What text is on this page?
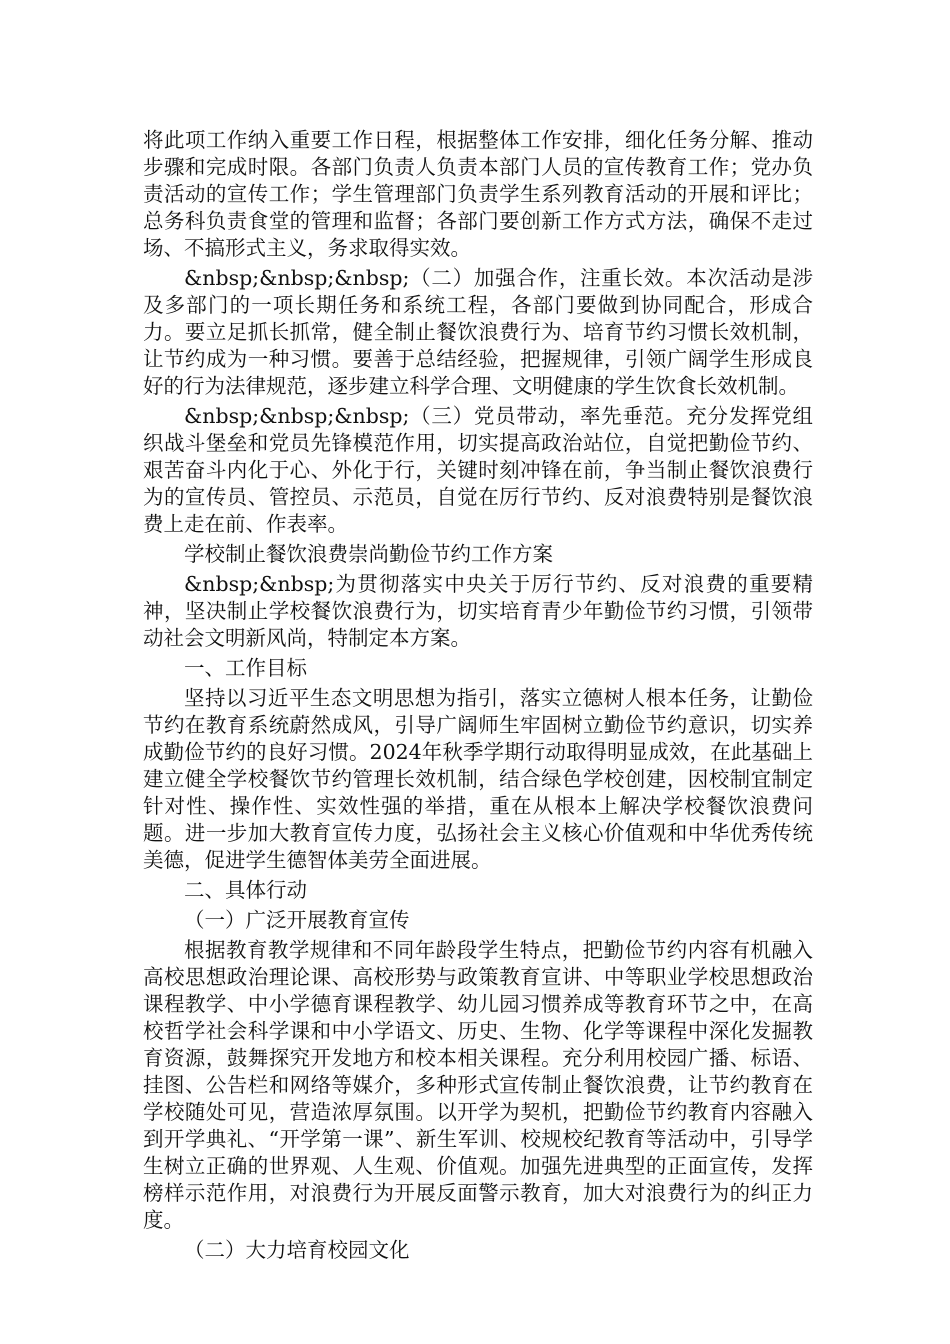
将此项工作纳入重要工作日程，根据整体工作安排，细化任务分解、推动步骤和完成时限。各部门负责人负责本部门人员的宣传教育工作；党办负责活动的宣传工作；学生管理部门负责学生系列教育活动的开展和评比；总务科负责食堂的管理和监督；各部门要创新工作方式方法，确保不走过场、不搞形式主义，务求取得实效。

&nbsp;&nbsp;&nbsp;（二）加强合作，注重长效。本次活动是涉及多部门的一项长期任务和系统工程，各部门要做到协同配合，形成合力。要立足抓长抓常，健全制止餐饮浪费行为、培育节约习惯长效机制，让节约成为一种习惯。要善于总结经验，把握规律，引领广阔学生形成良好的行为法律规范，逐步建立科学合理、文明健康的学生饮食长效机制。

&nbsp;&nbsp;&nbsp;（三）党员带动，率先垂范。充分发挥党组织战斗堡垒和党员先锋模范作用，切实提高政治站位，自觉把勤俭节约、艰苦奋斗内化于心、外化于行，关键时刻冲锋在前，争当制止餐饮浪费行为的宣传员、管控员、示范员，自觉在厉行节约、反对浪费特别是餐饮浪费上走在前、作表率。

学校制止餐饮浪费崇尚勤俭节约工作方案

&nbsp;&nbsp;为贯彻落实中央关于厉行节约、反对浪费的重要精神，坚决制止学校餐饮浪费行为，切实培育青少年勤俭节约习惯，引领带动社会文明新风尚，特制定本方案。

一、工作目标

坚持以习近平生态文明思想为指引，落实立德树人根本任务，让勤俭节约在教育系统蔚然成风，引导广阔师生牢固树立勤俭节约意识，切实养成勤俭节约的良好习惯。2024年秋季学期行动取得明显成效，在此基础上建立健全学校餐饮节约管理长效机制，结合绿色学校创建，因校制宜制定针对性、操作性、实效性强的举措，重在从根本上解决学校餐饮浪费问题。进一步加大教育宣传力度，弘扬社会主义核心价值观和中华优秀传统美德，促进学生德智体美劳全面进展。

二、具体行动

（一）广泛开展教育宣传

根据教育教学规律和不同年龄段学生特点，把勤俭节约内容有机融入高校思想政治理论课、高校形势与政策教育宣讲、中等职业学校思想政治课程教学、中小学德育课程教学、幼儿园习惯养成等教育环节之中，在高校哲学社会科学课和中小学语文、历史、生物、化学等课程中深化发掘教育资源，鼓舞探究开发地方和校本相关课程。充分利用校园广播、标语、挂图、公告栏和网络等媒介，多种形式宣传制止餐饮浪费，让节约教育在学校随处可见，营造浓厚氛围。以开学为契机，把勤俭节约教育内容融入到开学典礼、“开学第一课”、新生军训、校规校纪教育等活动中，引导学生树立正确的世界观、人生观、价值观。加强先进典型的正面宣传，发挥榜样示范作用，对浪费行为开展反面警示教育，加大对浪费行为的纠正力度。

（二）大力培育校园文化
